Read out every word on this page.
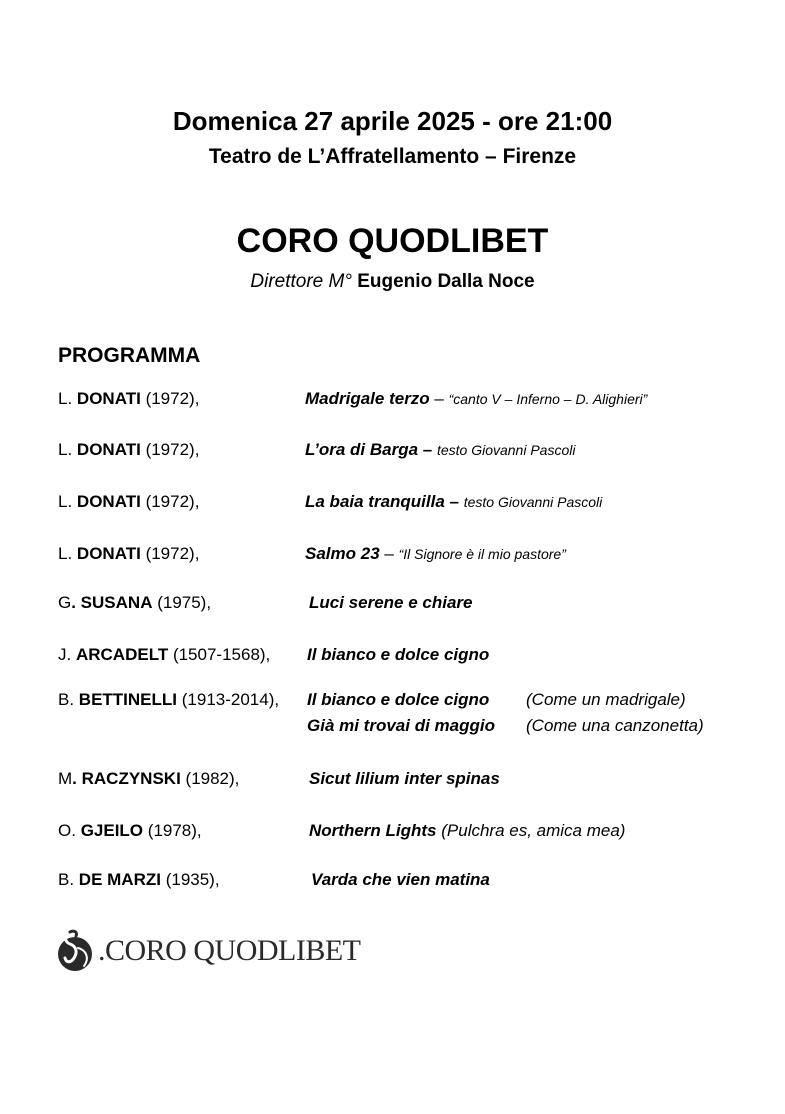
Domenica 27 aprile 2025 - ore 21:00
Teatro de L’Affratellamento – Firenze
CORO QUODLIBET
Direttore M° Eugenio Dalla Noce
PROGRAMMA
L. DONATI (1972),	Madrigale terzo – “canto V – Inferno – D. Alighieri”
L. DONATI (1972),	L’ora di Barga – testo Giovanni Pascoli
L. DONATI (1972),	La baia tranquilla – testo Giovanni Pascoli
L. DONATI (1972),	Salmo 23 – “Il Signore è il mio pastore”
G. SUSANA (1975),	Luci serene e chiare
J. ARCADELT (1507-1568), Il bianco e dolce cigno
B. BETTINELLI (1913-2014), Il bianco e dolce cigno (Come un madrigale)
Già mi trovai di maggio (Come una canzonetta)
M. RACZYNSKI (1982),	Sicut lilium inter spinas
O. GJEILO (1978),	Northern Lights (Pulchra es, amica mea)
B. DE MARZI (1935),	Varda che vien matina
.CORO QUODLIBET
